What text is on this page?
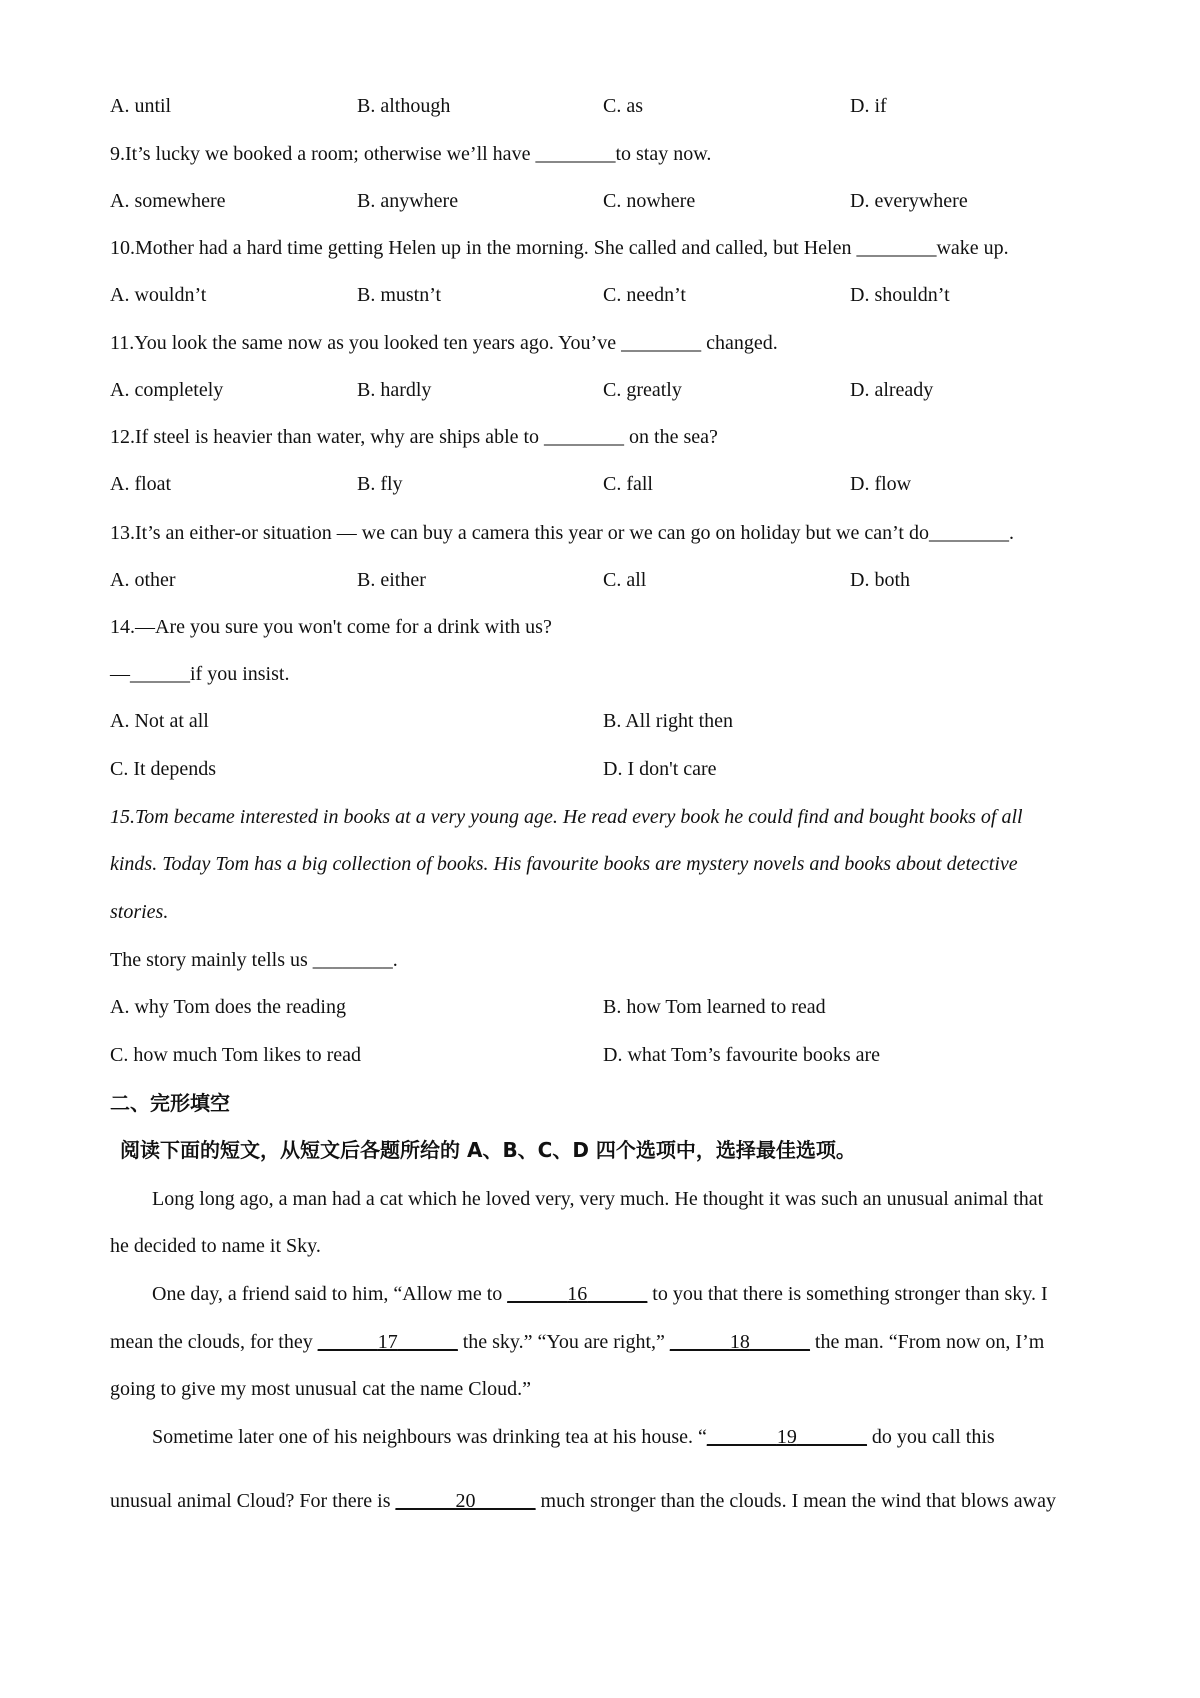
A. until	B. although	C. as	D. if
9.It’s lucky we booked a room; otherwise we’ll have ________to stay now.
A. somewhere	B. anywhere	C. nowhere	D. everywhere
10.Mother had a hard time getting Helen up in the morning. She called and called, but Helen ________wake up.
A. wouldn’t	B. mustn’t	C. needn’t	D. shouldn’t
11.You look the same now as you looked ten years ago. You’ve ________ changed.
A. completely	B. hardly	C. greatly	D. already
12.If steel is heavier than water, why are ships able to ________ on the sea?
A. float	B. fly	C. fall	D. flow
13.It’s an either-or situation — we can buy a camera this year or we can go on holiday but we can’t do________.
A. other	B. either	C. all	D. both
14.—Are you sure you won't come for a drink with us?
—______if you insist.
A. Not at all	B. All right then
C. It depends	D. I don't care
15.Tom became interested in books at a very young age. He read every book he could find and bought books of all
kinds. Today Tom has a big collection of books. His favourite books are mystery novels and books about detective
stories.
The story mainly tells us ________.
A. why Tom does the reading	B. how Tom learned to read
C. how much Tom likes to read	D. what Tom’s favourite books are
二、完形填空
阅读下面的短文，从短文后各题所给的 A、B、C、D 四个选项中，选择最佳选项。
Long long ago, a man had a cat which he loved very, very much. He thought it was such an unusual animal that
he decided to name it Sky.
One day, a friend said to him, “Allow me to ______16______ to you that there is something stronger than sky. I
mean the clouds, for they ______17______ the sky.” “You are right,” ______18______ the man. “From now on, I’m
going to give my most unusual cat the name Cloud.”
Sometime later one of his neighbours was drinking tea at his house. “_______19_______ do you call this
unusual animal Cloud? For there is ______20______ much stronger than the clouds. I mean the wind that blows away
